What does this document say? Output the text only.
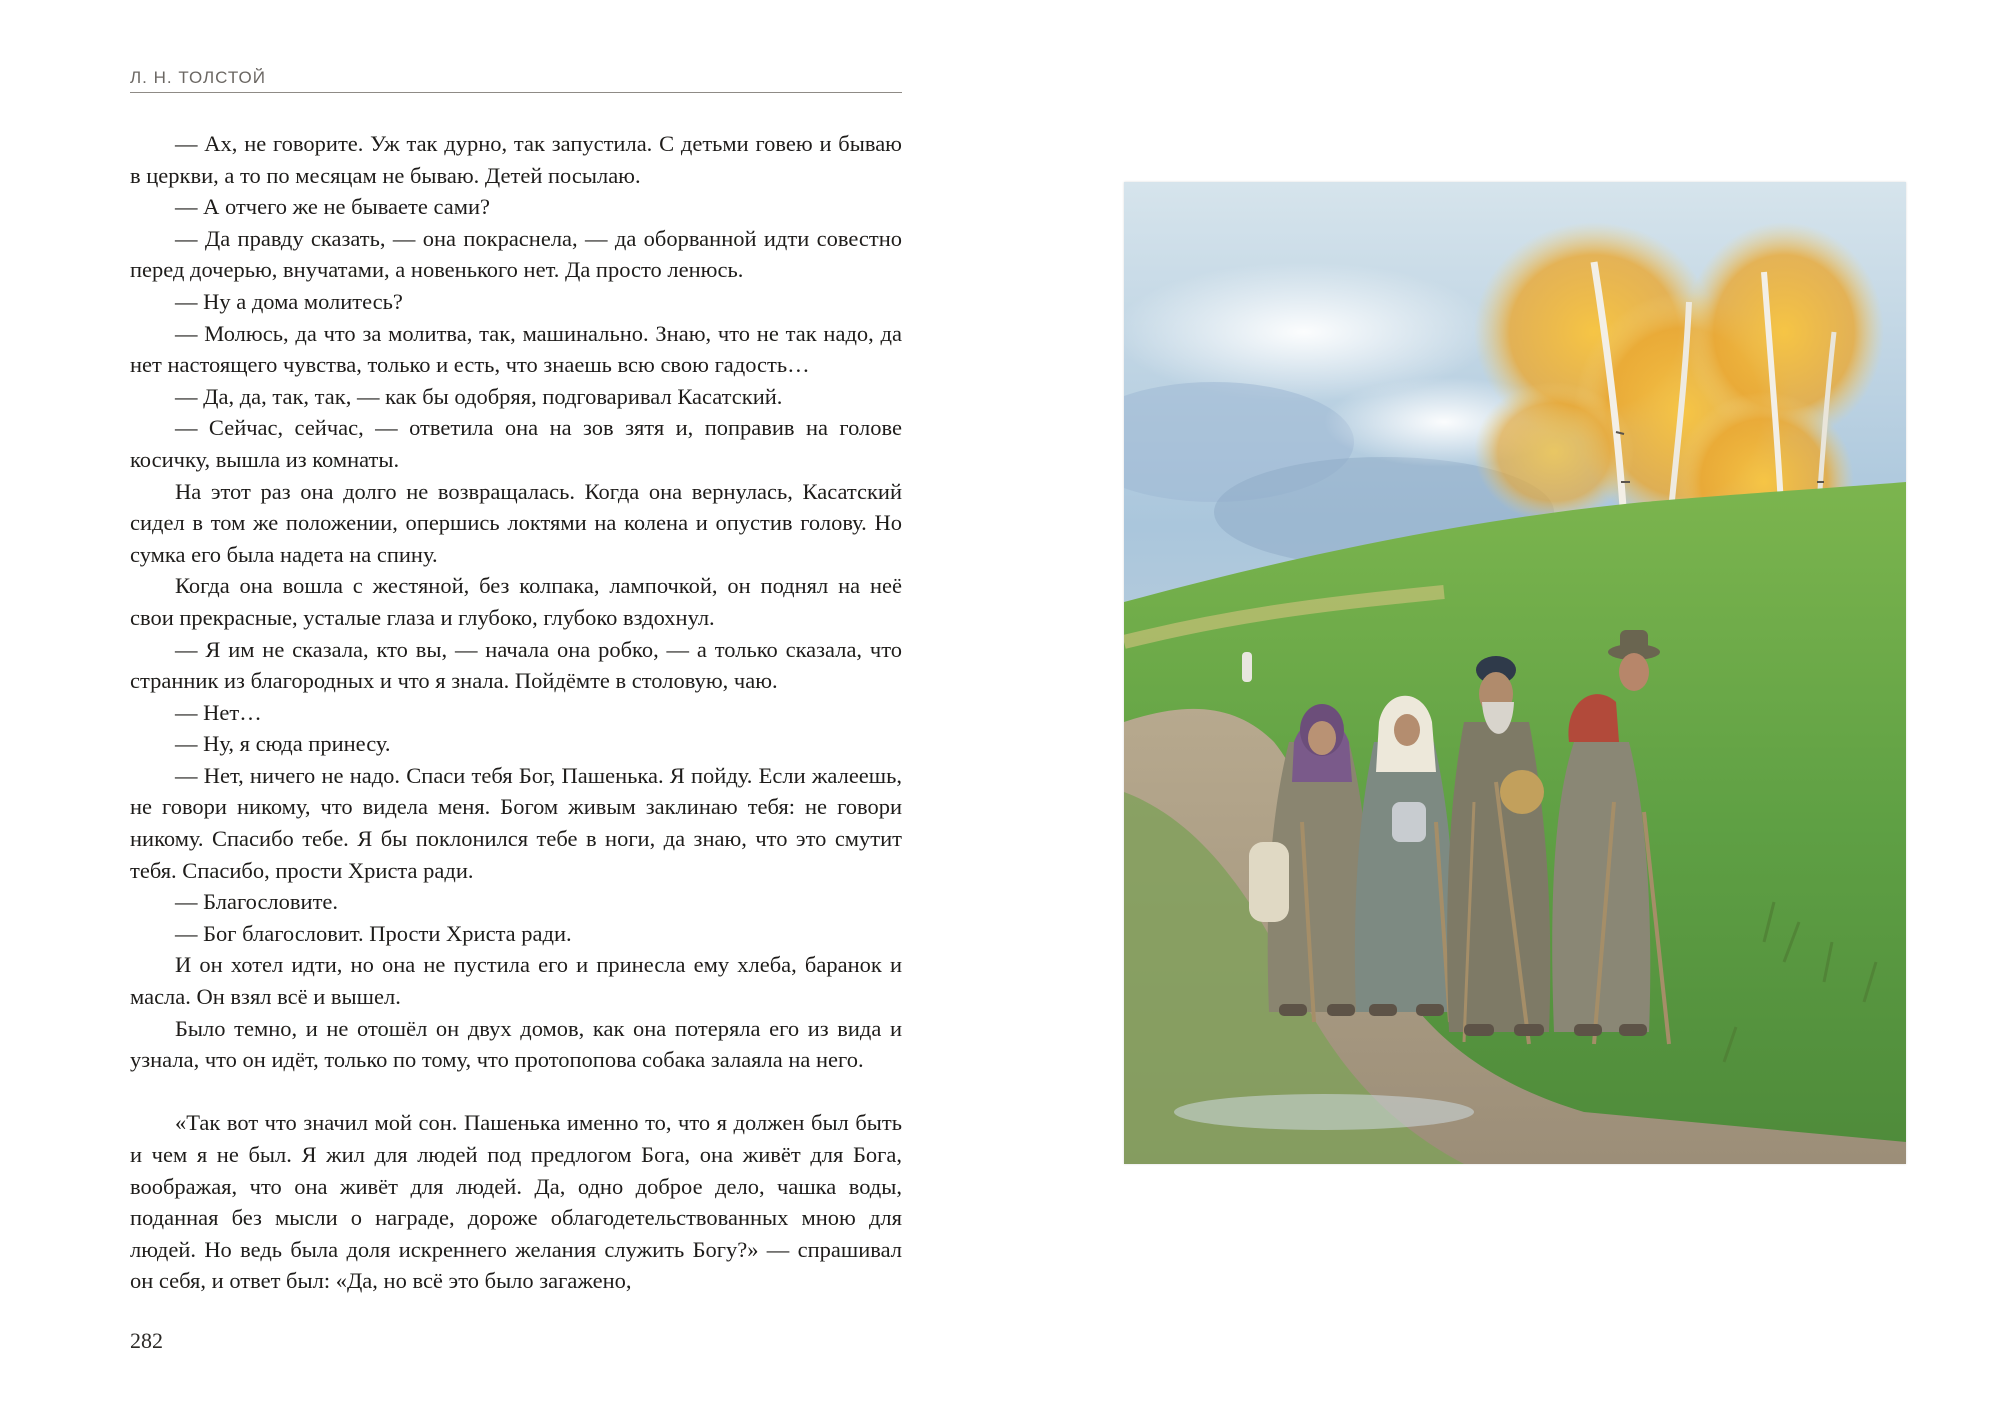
Л. Н. ТОЛСТОЙ

— Ах, не говорите. Уж так дурно, так запустила. С детьми говею и бываю в церкви, а то по месяцам не бываю. Детей посылаю.

— А отчего же не бываете сами?

— Да правду сказать, — она покраснела, — да оборванной идти совестно перед дочерью, внучатами, а новенького нет. Да просто ленюсь.

— Ну а дома молитесь?

— Молюсь, да что за молитва, так, машинально. Знаю, что не так надо, да нет настоящего чувства, только и есть, что знаешь всю свою гадость…

— Да, да, так, так, — как бы одобряя, подговаривал Касатский.

— Сейчас, сейчас, — ответила она на зов зятя и, поправив на голове косичку, вышла из комнаты.

На этот раз она долго не возвращалась. Когда она вернулась, Касатский сидел в том же положении, опершись локтями на колена и опустив голову. Но сумка его была надета на спину.

Когда она вошла с жестяной, без колпака, лампочкой, он поднял на неё свои прекрасные, усталые глаза и глубоко, глубоко вздохнул.

— Я им не сказала, кто вы, — начала она робко, — а только сказала, что странник из благородных и что я знала. Пойдёмте в столовую, чаю.

— Нет…

— Ну, я сюда принесу.

— Нет, ничего не надо. Спаси тебя Бог, Пашенька. Я пойду. Если жалеешь, не говори никому, что видела меня. Богом живым заклинаю тебя: не говори никому. Спасибо тебе. Я бы поклонился тебе в ноги, да знаю, что это смутит тебя. Спасибо, прости Христа ради.

— Благословите.

— Бог благословит. Прости Христа ради.

И он хотел идти, но она не пустила его и принесла ему хлеба, баранок и масла. Он взял всё и вышел.

Было темно, и не отошёл он двух домов, как она потеряла его из вида и узнала, что он идёт, только по тому, что протопопова собака залаяла на него.

«Так вот что значил мой сон. Пашенька именно то, что я должен был быть и чем я не был. Я жил для людей под предлогом Бога, она живёт для Бога, воображая, что она живёт для людей. Да, одно доброе дело, чашка воды, поданная без мысли о награде, дороже облагодетельствованных мною для людей. Но ведь была доля искреннего желания служить Богу?» — спрашивал он себя, и ответ был: «Да, но всё это было загажено,

282
